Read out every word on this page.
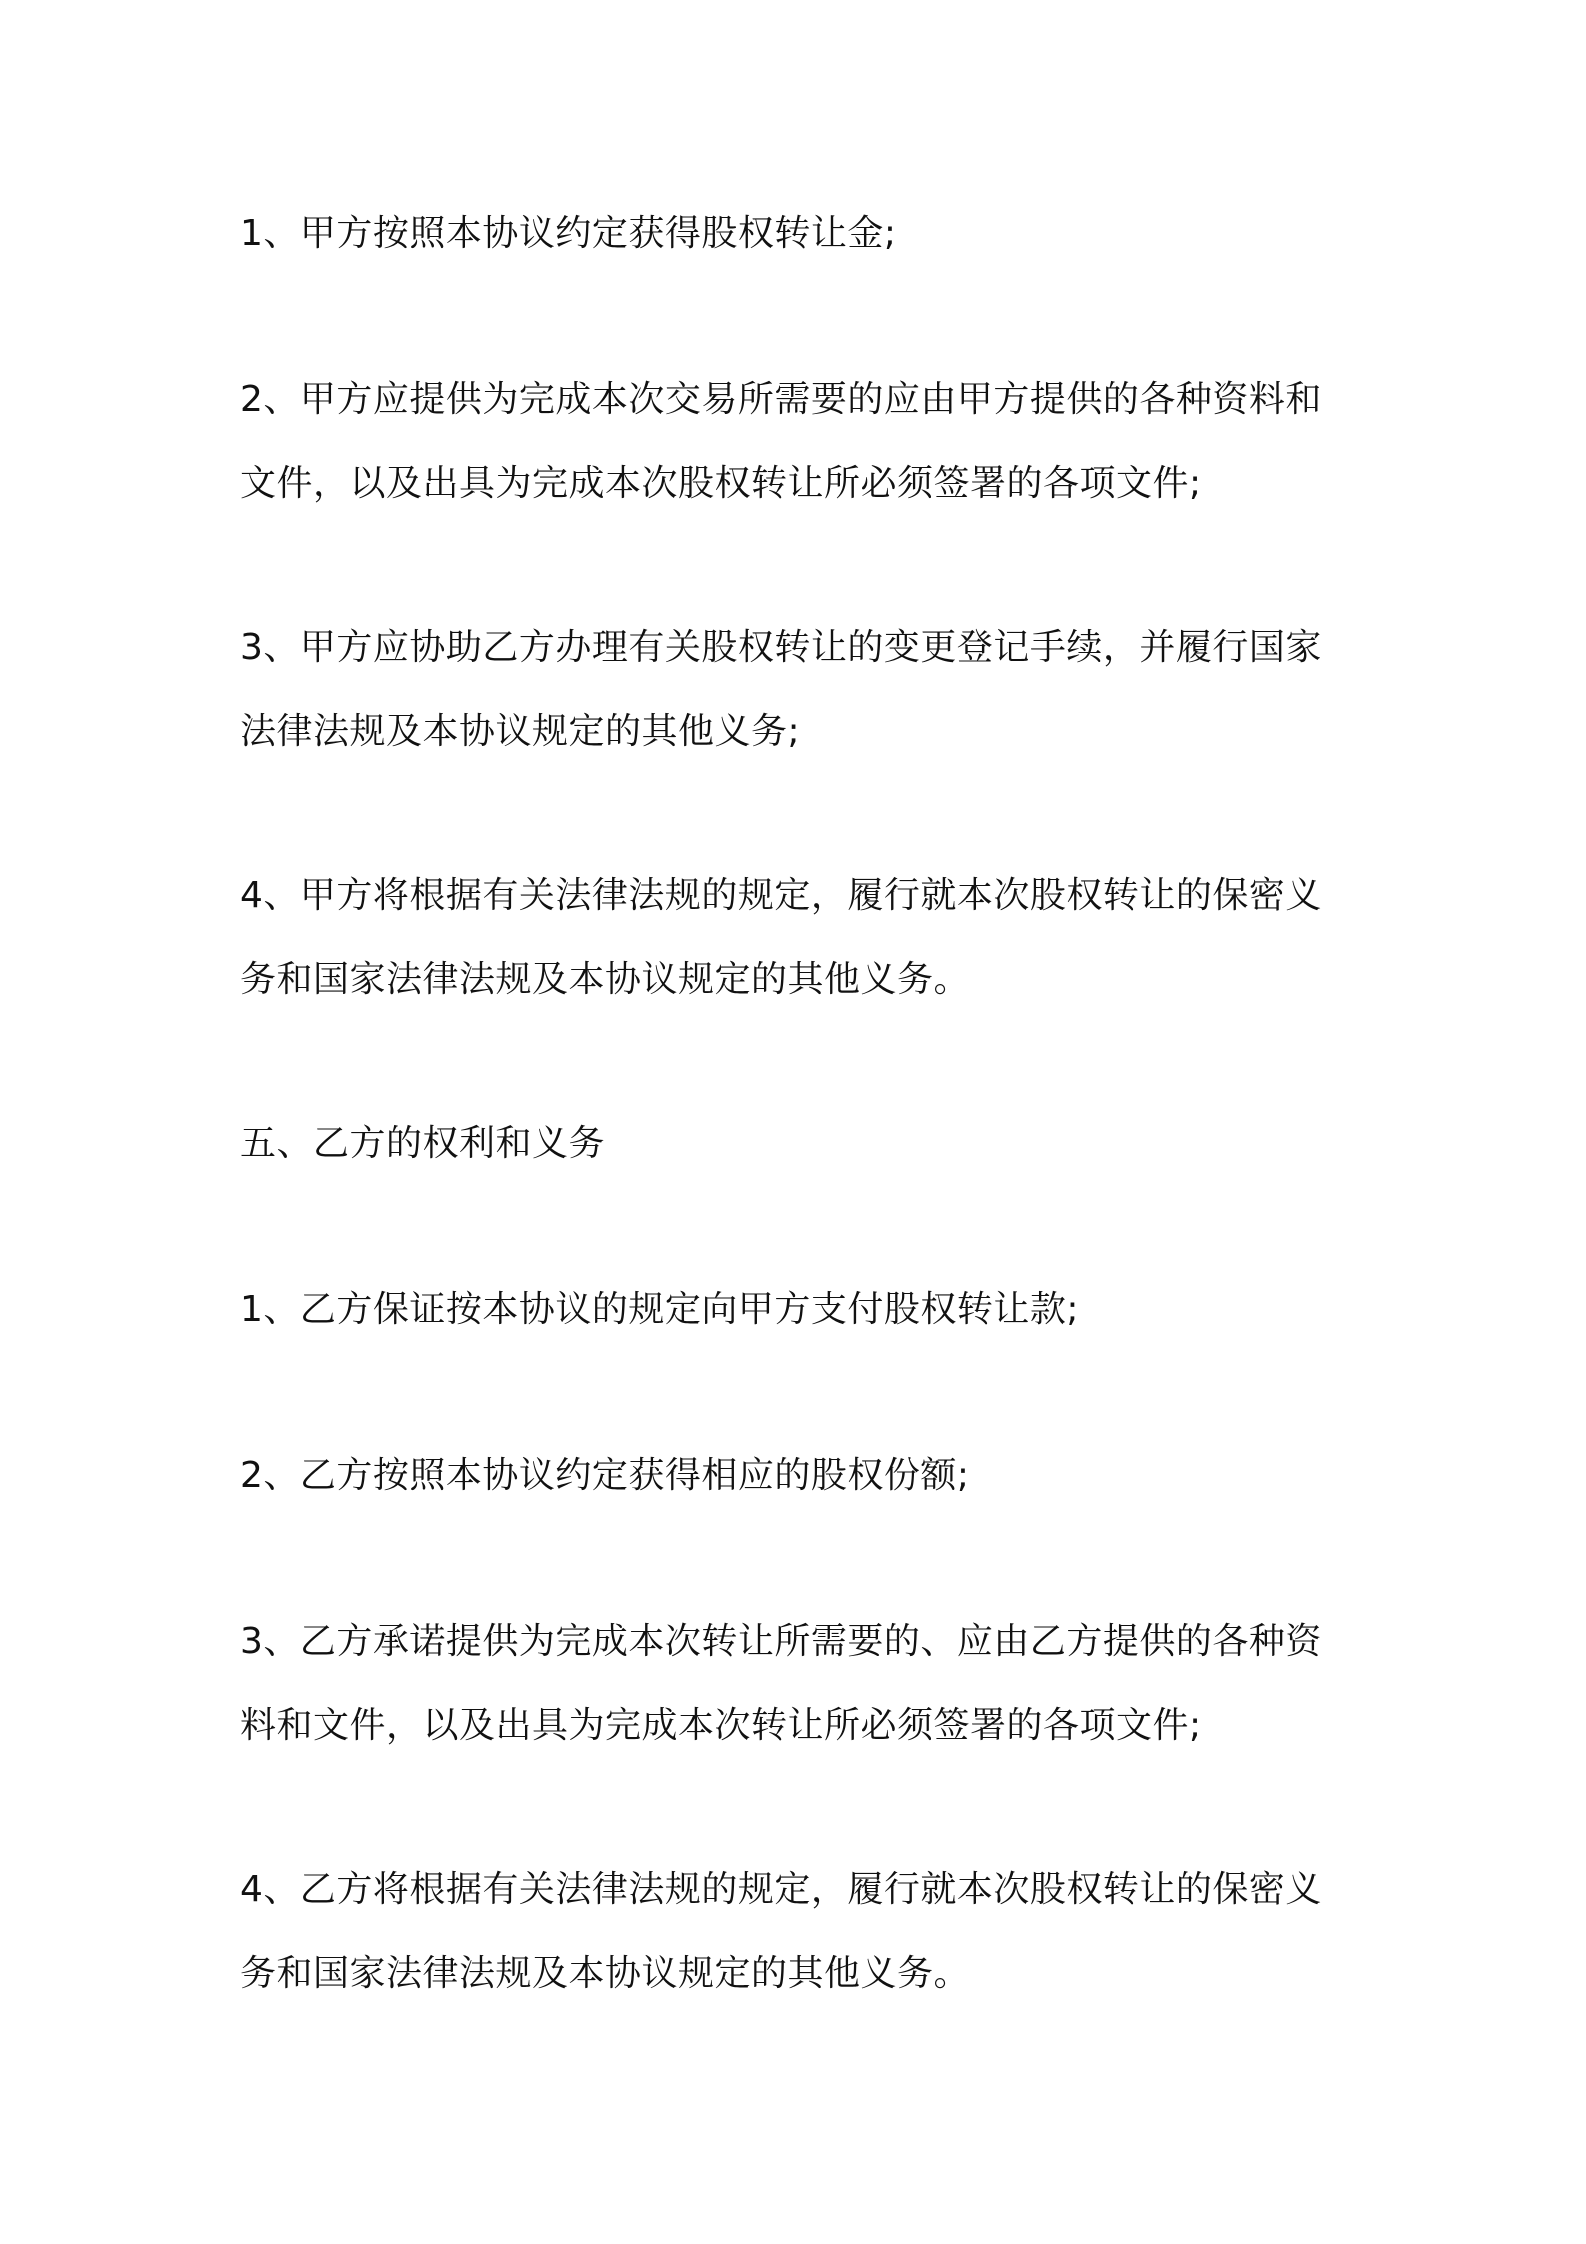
1、甲方按照本协议约定获得股权转让金;

2、甲方应提供为完成本次交易所需要的应由甲方提供的各种资料和
文件，以及出具为完成本次股权转让所必须签署的各项文件;

3、甲方应协助乙方办理有关股权转让的变更登记手续，并履行国家
法律法规及本协议规定的其他义务;

4、甲方将根据有关法律法规的规定，履行就本次股权转让的保密义
务和国家法律法规及本协议规定的其他义务。

五、乙方的权利和义务

1、乙方保证按本协议的规定向甲方支付股权转让款;

2、乙方按照本协议约定获得相应的股权份额;

3、乙方承诺提供为完成本次转让所需要的、应由乙方提供的各种资
料和文件，以及出具为完成本次转让所必须签署的各项文件;

4、乙方将根据有关法律法规的规定，履行就本次股权转让的保密义
务和国家法律法规及本协议规定的其他义务。
